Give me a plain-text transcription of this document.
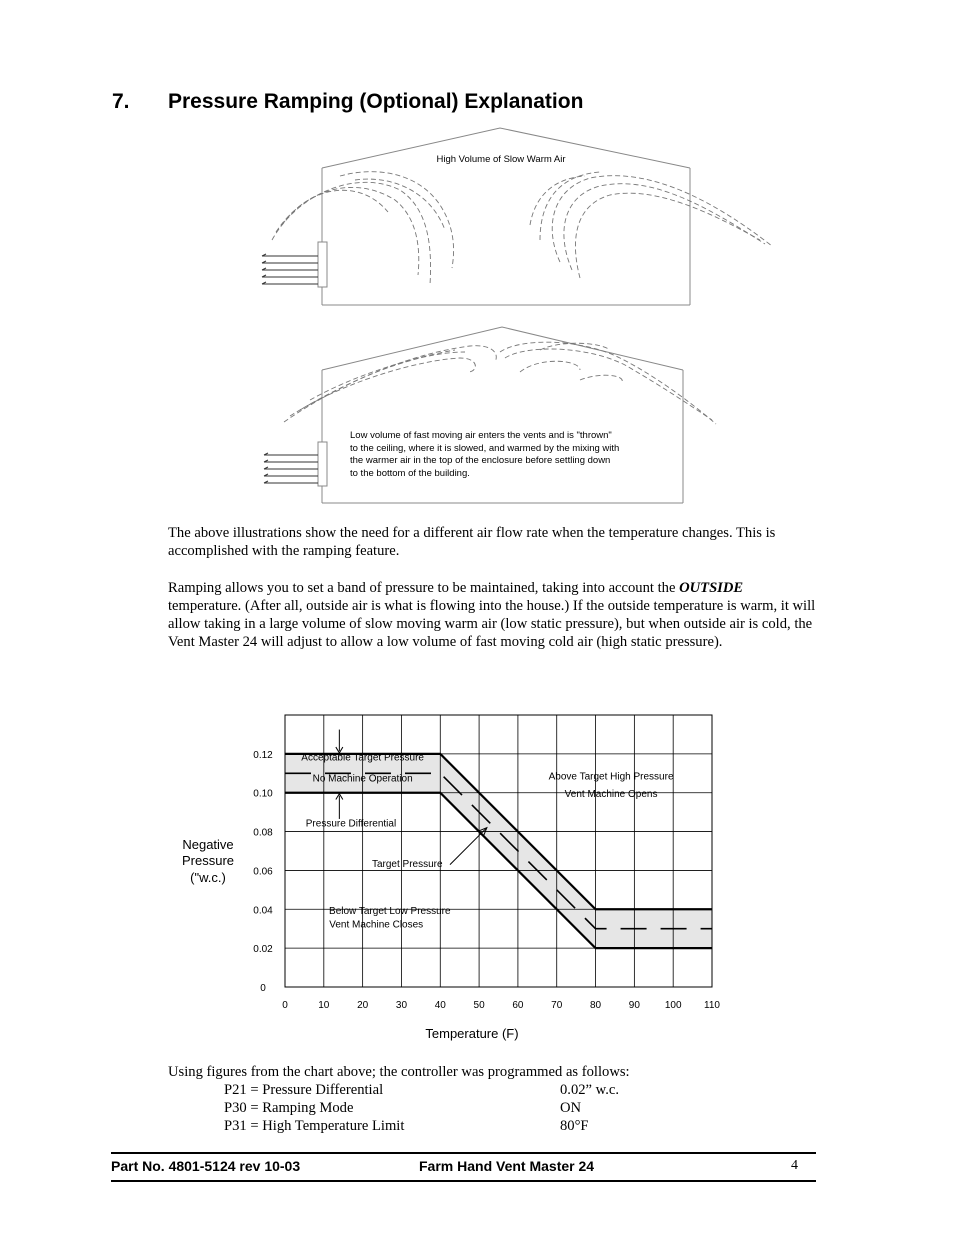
7. Pressure Ramping (Optional) Explanation
High Volume of Slow Warm Air
Low volume of fast moving air enters the vents and is "thrown"
to the ceiling, where it is slowed, and warmed by the mixing with
the warmer air in the top of the enclosure before settling down
to the bottom of the building.

The above illustrations show the need for a different air flow rate when the temperature changes. This is accomplished with the ramping feature.

Ramping allows you to set a band of pressure to be maintained, taking into account the OUTSIDE temperature. (After all, outside air is what is flowing into the house.) If the outside temperature is warm, it will allow taking in a large volume of slow moving warm air (low static pressure), but when outside air is cold, the Vent Master 24 will adjust to allow a low volume of fast moving cold air (high static pressure).

0
0.02
0.04
0.06
0.08
0.10
0.12
0	10	20	30	40	50	60	70	80	90 100 110
Acceptable Target Pressure
No Machine Operation	Above Target High Pressure
Vent Machine Opens
Pressure Differential
Target Pressure
Below Target Low Pressure
Vent Machine Closes
Negative
Pressure
("w.c.)
Temperature (F)

Using figures from the chart above; the controller was programmed as follows:

P21 = Pressure Differential	0.02” w.c.
P30 = Ramping Mode	ON
P31 = High Temperature Limit	80°F
Part No. 4801-5124 rev 10-03	Farm Hand Vent Master 24	4
